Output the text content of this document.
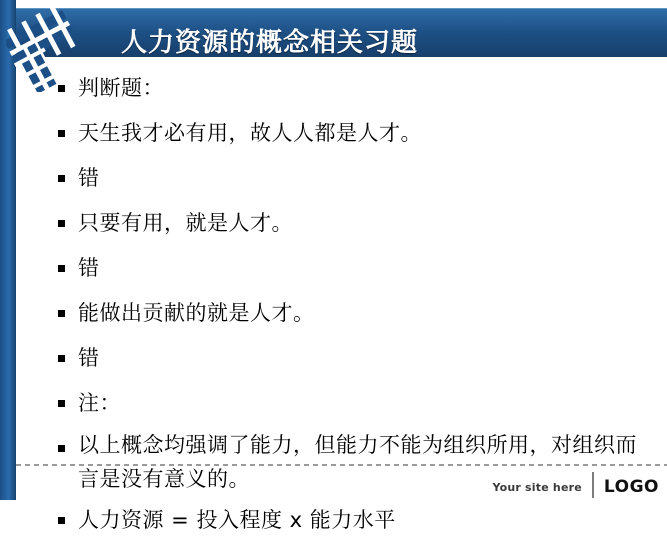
人力资源的概念相关习题
判断题：
天生我才必有用，故人人都是人才。
错
只要有用，就是人才。
错
能做出贡献的就是人才。
错
注：
以上概念均强调了能力，但能力不能为组织所用，对组织而言是没有意义的。
人力资源 = 投入程度 x 能力水平
Your site here	LOGO
